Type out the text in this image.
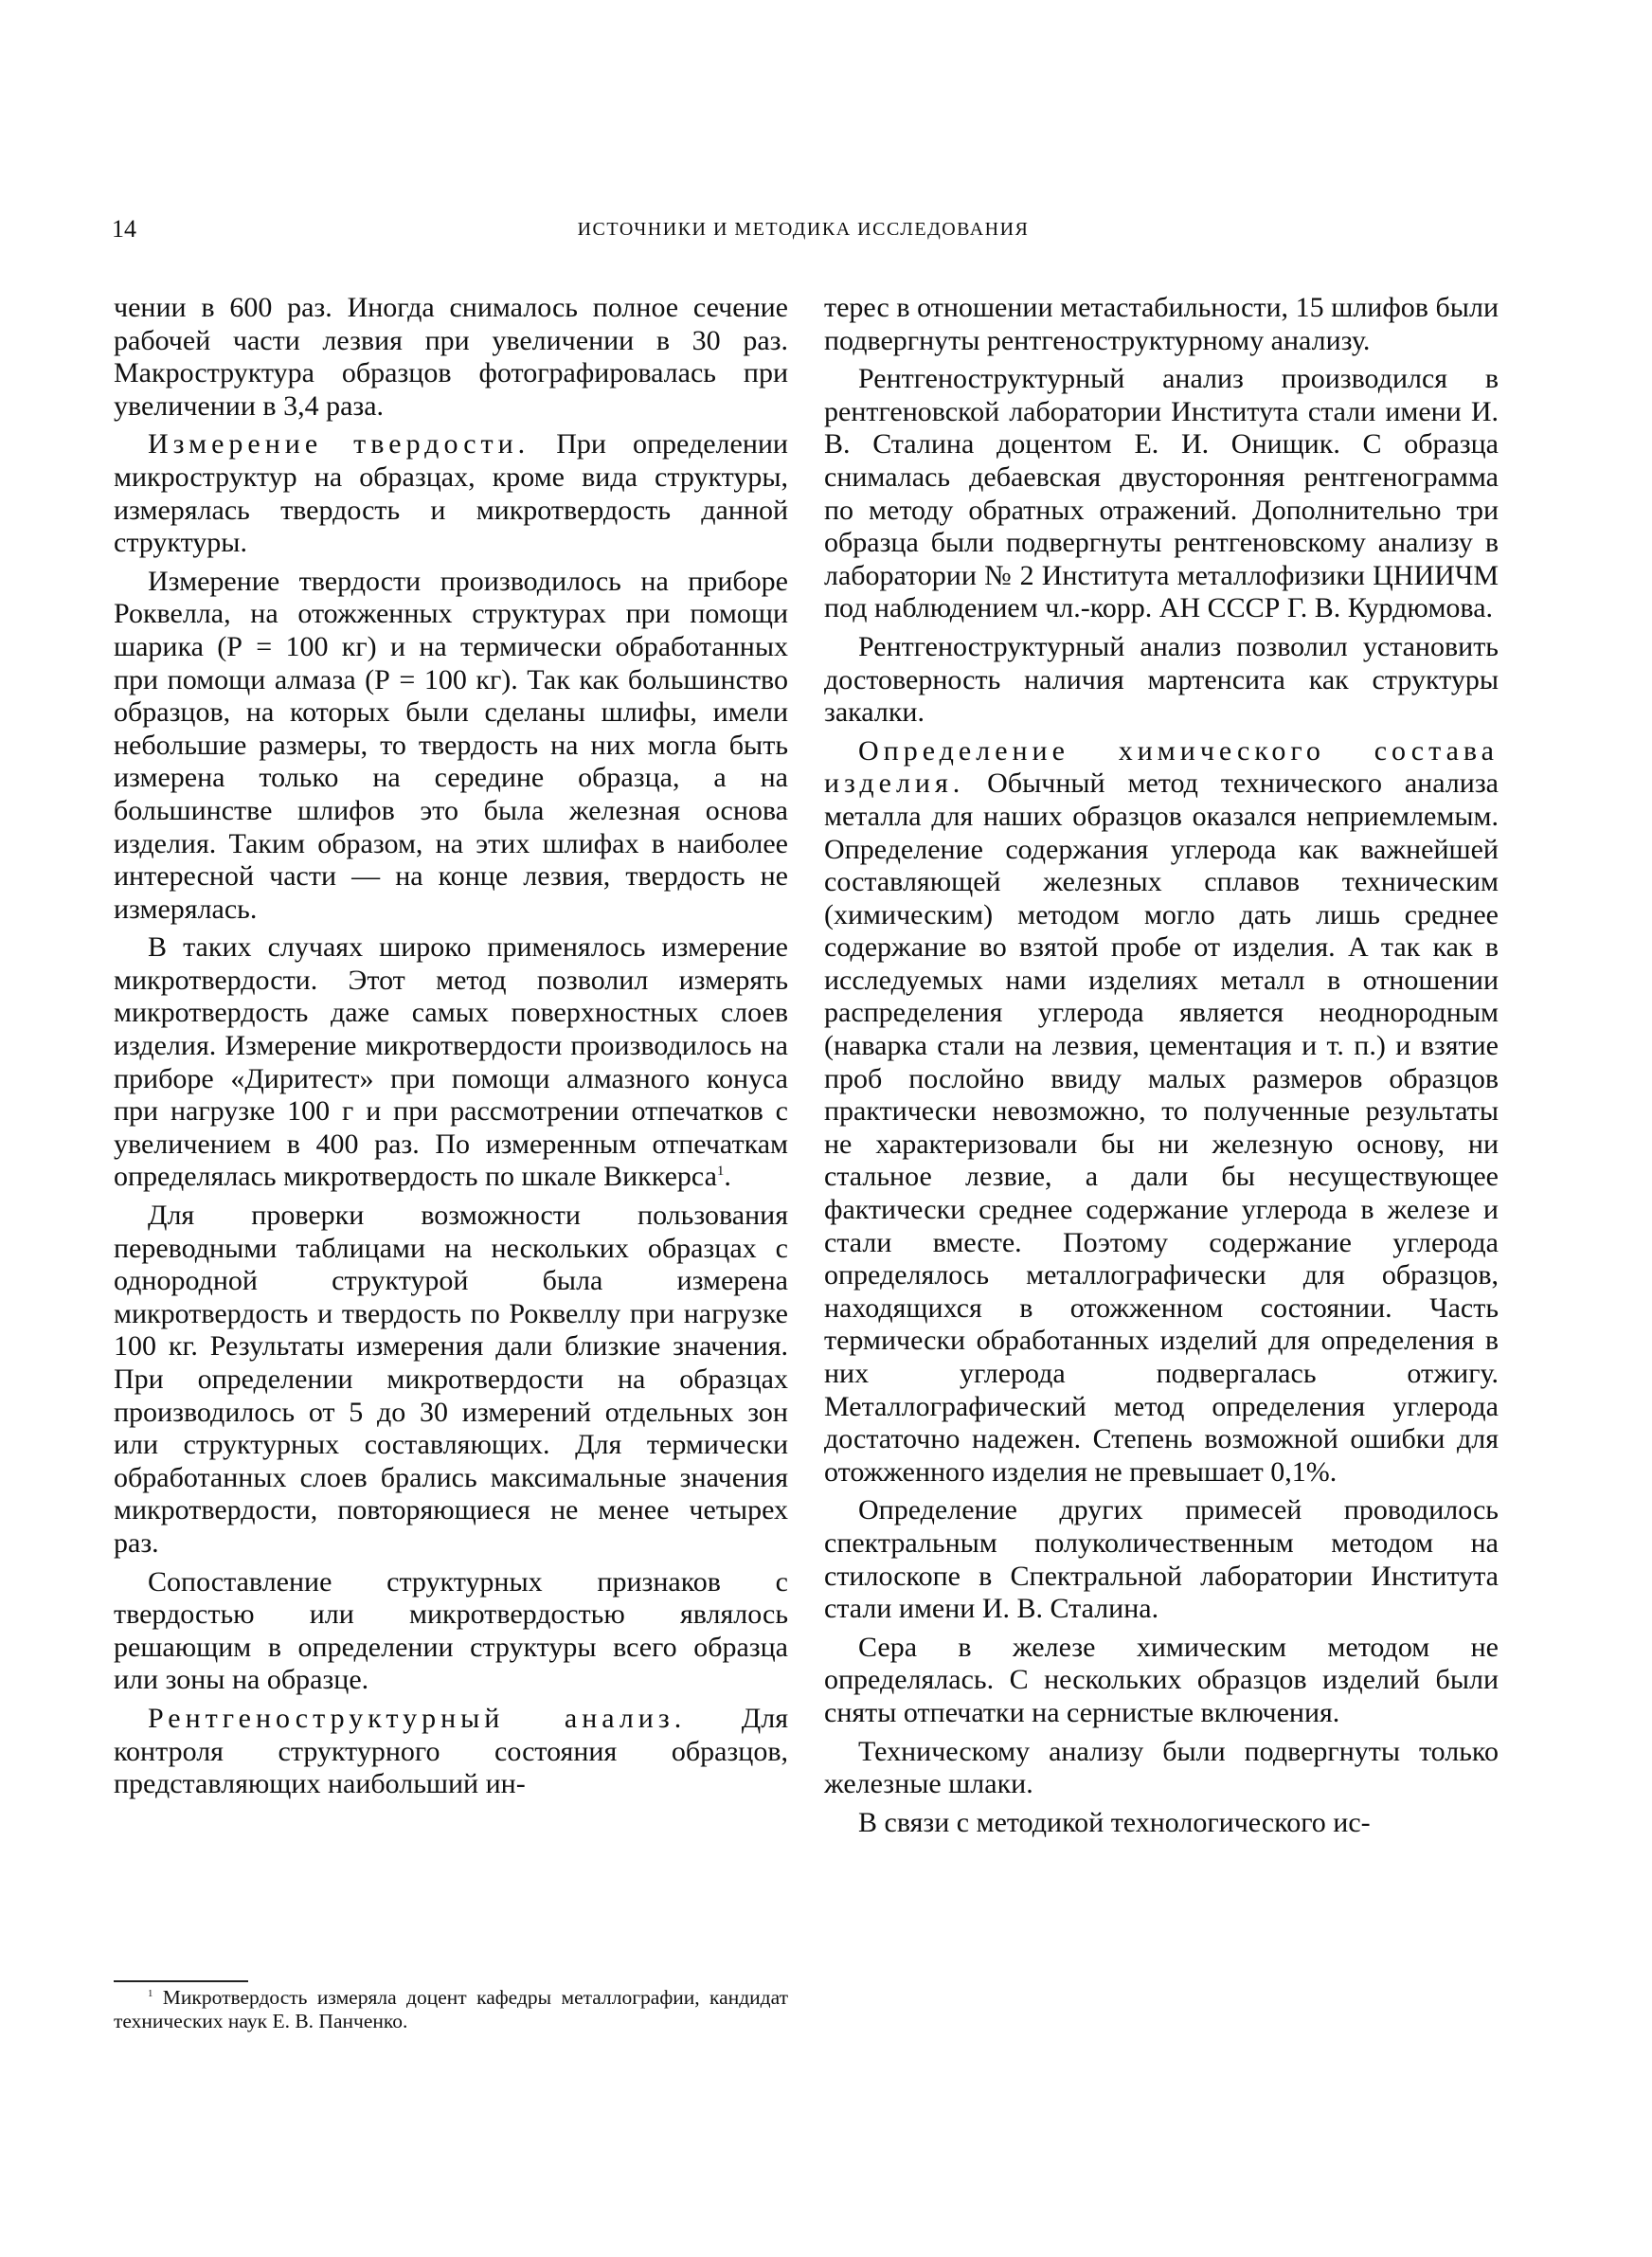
14	ИСТОЧНИКИ И МЕТОДИКА ИССЛЕДОВАНИЯ

чении в 600 раз. Иногда снималось полное сечение рабочей части лезвия при увеличении в 30 раз. Макроструктура образцов фотографировалась при увеличении в 3,4 раза.

Измерение твердости. При определении микроструктур на образцах, кроме вида структуры, измерялась твердость и микротвердость данной структуры.

Измерение твердости производилось на приборе Роквелла, на отожженных структурах при помощи шарика (Р = 100 кг) и на термически обработанных при помощи алмаза (Р = 100 кг). Так как большинство образцов, на которых были сделаны шлифы, имели небольшие размеры, то твердость на них могла быть измерена только на середине образца, а на большинстве шлифов это была железная основа изделия. Таким образом, на этих шлифах в наиболее интересной части — на конце лезвия, твердость не измерялась.

В таких случаях широко применялось измерение микротвердости. Этот метод позволил измерять микротвердость даже самых поверхностных слоев изделия. Измерение микротвердости производилось на приборе «Диритест» при помощи алмазного конуса при нагрузке 100 г и при рассмотрении отпечатков с увеличением в 400 раз. По измеренным отпечаткам определялась микротвердость по шкале Виккерса$^1$.

Для проверки возможности пользования переводными таблицами на нескольких образцах с однородной структурой была измерена микротвердость и твердость по Роквеллу при нагрузке 100 кг. Результаты измерения дали близкие значения. При определении микротвердости на образцах производилось от 5 до 30 измерений отдельных зон или структурных составляющих. Для термически обработанных слоев брались максимальные значения микротвердости, повторяющиеся не менее четырех раз.

Сопоставление структурных признаков с твердостью или микротвердостью являлось решающим в определении структуры всего образца или зоны на образце.

Рентгеноструктурный анализ. Для контроля структурного состояния образцов, представляющих наибольший ин-

$^1$ Микротвердость измеряла доцент кафедры металлографии, кандидат технических наук Е. В. Панченко.

терес в отношении метастабильности, 15 шлифов были подвергнуты рентгеноструктурному анализу.

Рентгеноструктурный анализ производился в рентгеновской лаборатории Института стали имени И. В. Сталина доцентом Е. И. Онищик. С образца снималась дебаевская двусторонняя рентгенограмма по методу обратных отражений. Дополнительно три образца были подвергнуты рентгеновскому анализу в лаборатории № 2 Института металлофизики ЦНИИЧМ под наблюдением чл.-корр. АН СССР Г. В. Курдюмова.

Рентгеноструктурный анализ позволил установить достоверность наличия мартенсита как структуры закалки.

Определение химического состава изделия. Обычный метод технического анализа металла для наших образцов оказался неприемлемым. Определение содержания углерода как важнейшей составляющей железных сплавов техническим (химическим) методом могло дать лишь среднее содержание во взятой пробе от изделия. А так как в исследуемых нами изделиях металл в отношении распределения углерода является неоднородным (наварка стали на лезвия, цементация и т. п.) и взятие проб послойно ввиду малых размеров образцов практически невозможно, то полученные результаты не характеризовали бы ни железную основу, ни стальное лезвие, а дали бы несуществующее фактически среднее содержание углерода в железе и стали вместе. Поэтому содержание углерода определялось металлографически для образцов, находящихся в отожженном состоянии. Часть термически обработанных изделий для определения в них углерода подвергалась отжигу. Металлографический метод определения углерода достаточно надежен. Степень возможной ошибки для отожженного изделия не превышает 0,1%.

Определение других примесей проводилось спектральным полуколичественным методом на стилоскопе в Спектральной лаборатории Института стали имени И. В. Сталина.

Сера в железе химическим методом не определялась. С нескольких образцов изделий были сняты отпечатки на сернистые включения.

Техническому анализу были подвергнуты только железные шлаки.

В связи с методикой технологического ис-
